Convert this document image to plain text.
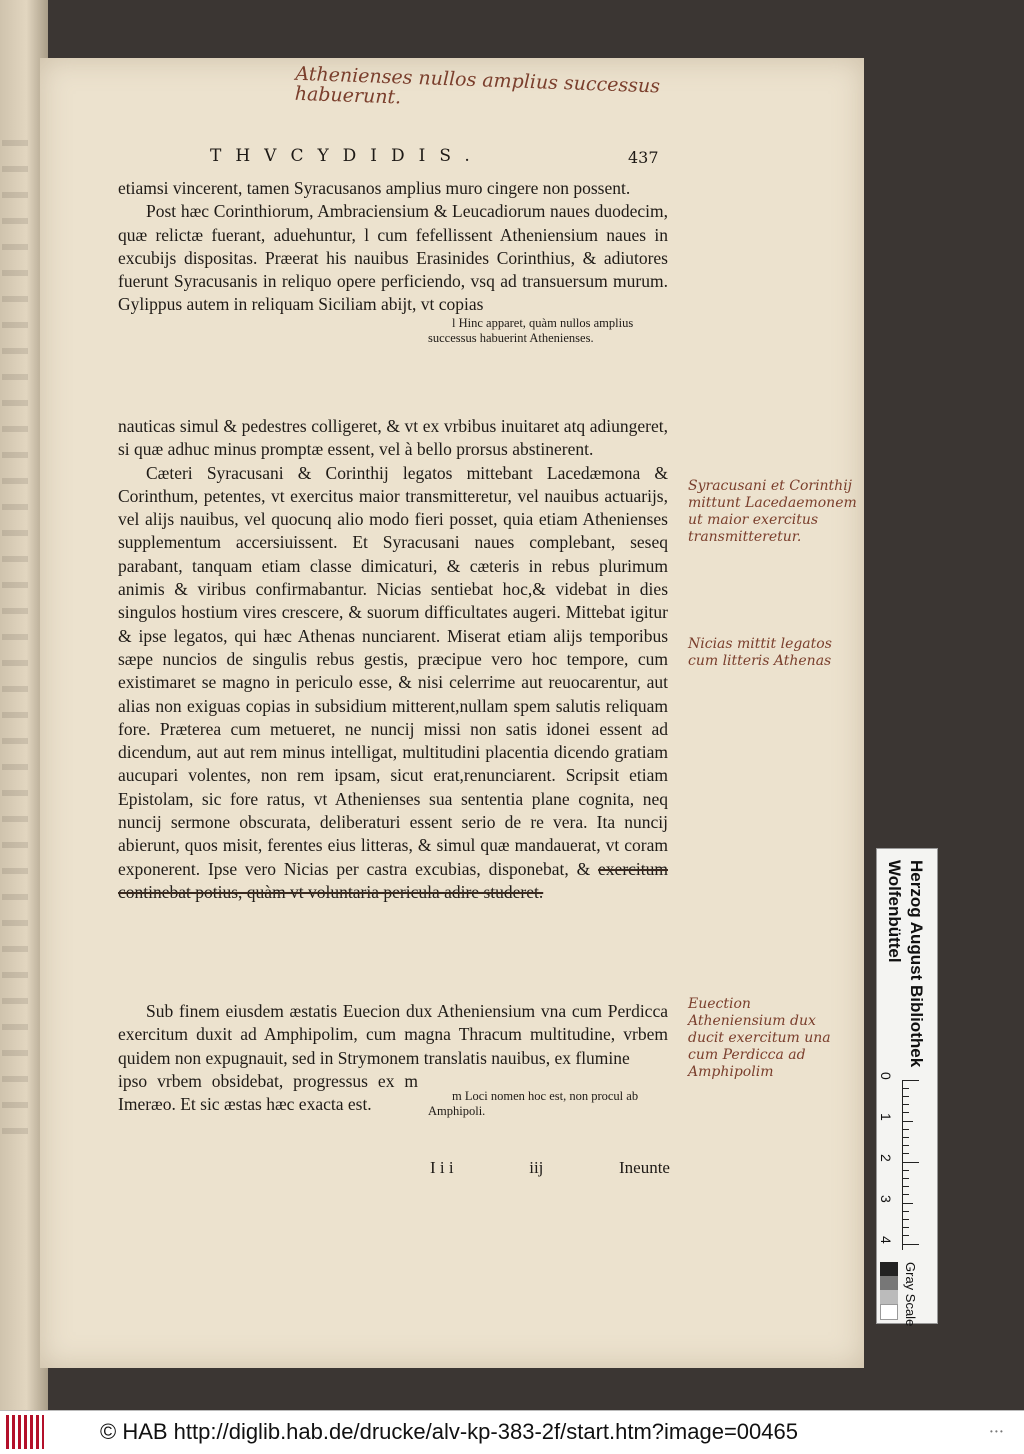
Athenienses nullos amplius successus habuerunt.
THVCYDIDIS.	437

etiamsi vincerent, tamen Syracusanos amplius muro cingere non possent.

Post hæc Corinthiorum, Ambraciensium & Leucadiorum naues duodecim, quæ relictæ fuerant, aduehuntur, l cum fefellissent Atheniensium naues in excubijs dispositas. Præerat his nauibus Erasinides Corinthius, & adiutores fuerunt Syracusanis in reliquo opere perficiendo, vsq ad transuersum murum. Gylippus autem in reliquam Siciliam abijt, vt copias

nauticas simul & pedestres colligeret, & vt ex vrbibus inuitaret atq adiungeret, si quæ adhuc minus promptæ essent, vel à bello prorsus abstinerent.

Cæteri Syracusani & Corinthij legatos mittebant Lacedæmona & Corinthum, petentes, vt exercitus maior transmitteretur, vel nauibus actuarijs, vel alijs nauibus, vel quocunq alio modo fieri posset, quia etiam Athenienses supplementum accersiuissent. Et Syracusani naues complebant, seseq parabant, tanquam etiam classe dimicaturi, & cæteris in rebus plurimum animis & viribus confirmabantur. Nicias sentiebat hoc,& videbat in dies singulos hostium vires crescere, & suorum difficultates augeri. Mittebat igitur & ipse legatos, qui hæc Athenas nunciarent. Miserat etiam alijs temporibus sæpe nuncios de singulis rebus gestis, præcipue vero hoc tempore, cum existimaret se magno in periculo esse, & nisi celerrime aut reuocarentur, aut alias non exiguas copias in subsidium mitterent,nullam spem salutis reliquam fore. Præterea cum metueret, ne nuncij missi non satis idonei essent ad dicendum, aut aut rem minus intelligat, multitudini placentia dicendo gratiam aucupari volentes, non rem ipsam, sicut erat,renunciarent. Scripsit etiam Epistolam, sic fore ratus, vt Athenienses sua sententia plane cognita, neq nuncij sermone obscurata, deliberaturi essent serio de re vera. Ita nuncij abierunt, quos misit, ferentes eius litteras, & simul quæ mandauerat, vt coram exponerent. Ipse vero Nicias per castra excubias, disponebat, & exercitum continebat potius, quàm vt voluntaria pericula adire studeret.

Sub finem eiusdem æstatis Euecion dux Atheniensium vna cum Perdicca exercitum duxit ad Amphipolim, cum magna Thracum multitudine, vrbem quidem non expugnauit, sed in Strymonem translatis nauibus, ex flumine

ipso vrbem obsidebat, progressus ex m Imeræo. Et sic æstas hæc exacta est.

l Hinc apparet, quàm nullos amplius successus habuerint Athenienses.
m Loci nomen hoc est, non procul ab Amphipoli.
I i i	iij	Ineunte
Syracusani et Corinthij mittunt Lacedaemonem ut maior exercitus transmitteretur.
Nicias mittit legatos cum litteris Athenas
Euection Atheniensium dux ducit exercitum una cum Perdicca ad Amphipolim
Herzog August Bibliothek Wolfenbüttel
0
1
2
3
4
Gray Scale
© HAB http://diglib.hab.de/drucke/alv-kp-383-2f/start.htm?image=00465	• • •
